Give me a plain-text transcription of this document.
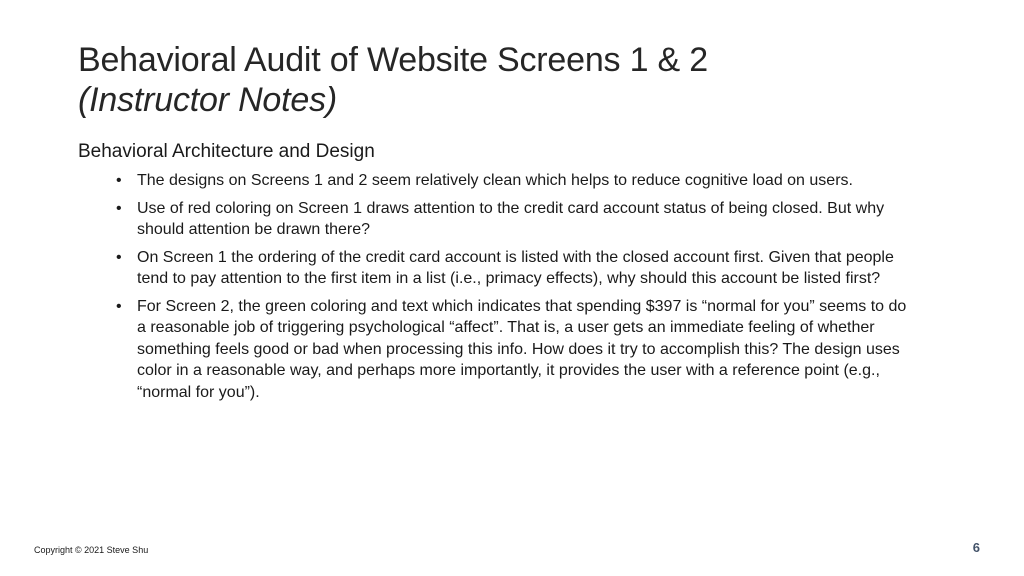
Behavioral Audit of Website Screens 1 & 2
(Instructor Notes)
Behavioral Architecture and Design
• The designs on Screens 1 and 2 seem relatively clean which helps to reduce cognitive load on users.
• Use of red coloring on Screen 1 draws attention to the credit card account status of being closed. But why should attention be drawn there?
• On Screen 1 the ordering of the credit card account is listed with the closed account first. Given that people tend to pay attention to the first item in a list (i.e., primacy effects), why should this account be listed first?
• For Screen 2, the green coloring and text which indicates that spending $397 is “normal for you” seems to do a reasonable job of triggering psychological “affect”. That is, a user gets an immediate feeling of whether something feels good or bad when processing this info. How does it try to accomplish this? The design uses color in a reasonable way, and perhaps more importantly, it provides the user with a reference point (e.g., “normal for you”).
Copyright © 2021 Steve Shu	6
